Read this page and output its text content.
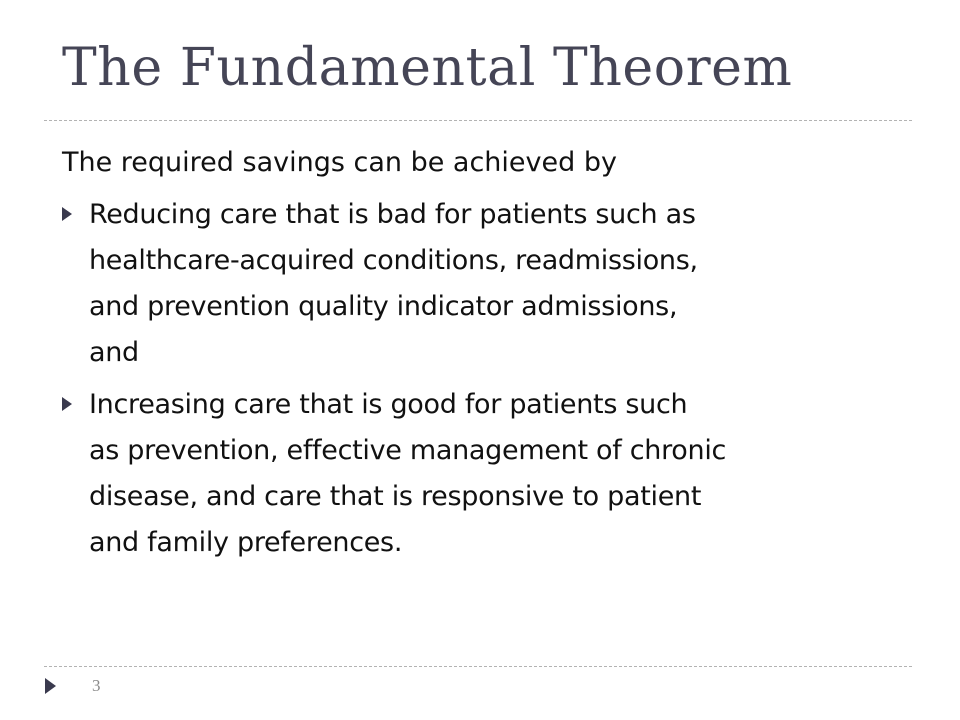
The Fundamental Theorem

The required savings can be achieved by

Reducing care that is bad for patients such as
healthcare-acquired conditions, readmissions,
and prevention quality indicator admissions,
and
Increasing care that is good for patients such
as prevention, effective management of chronic
disease, and care that is responsive to patient
and family preferences.
3
